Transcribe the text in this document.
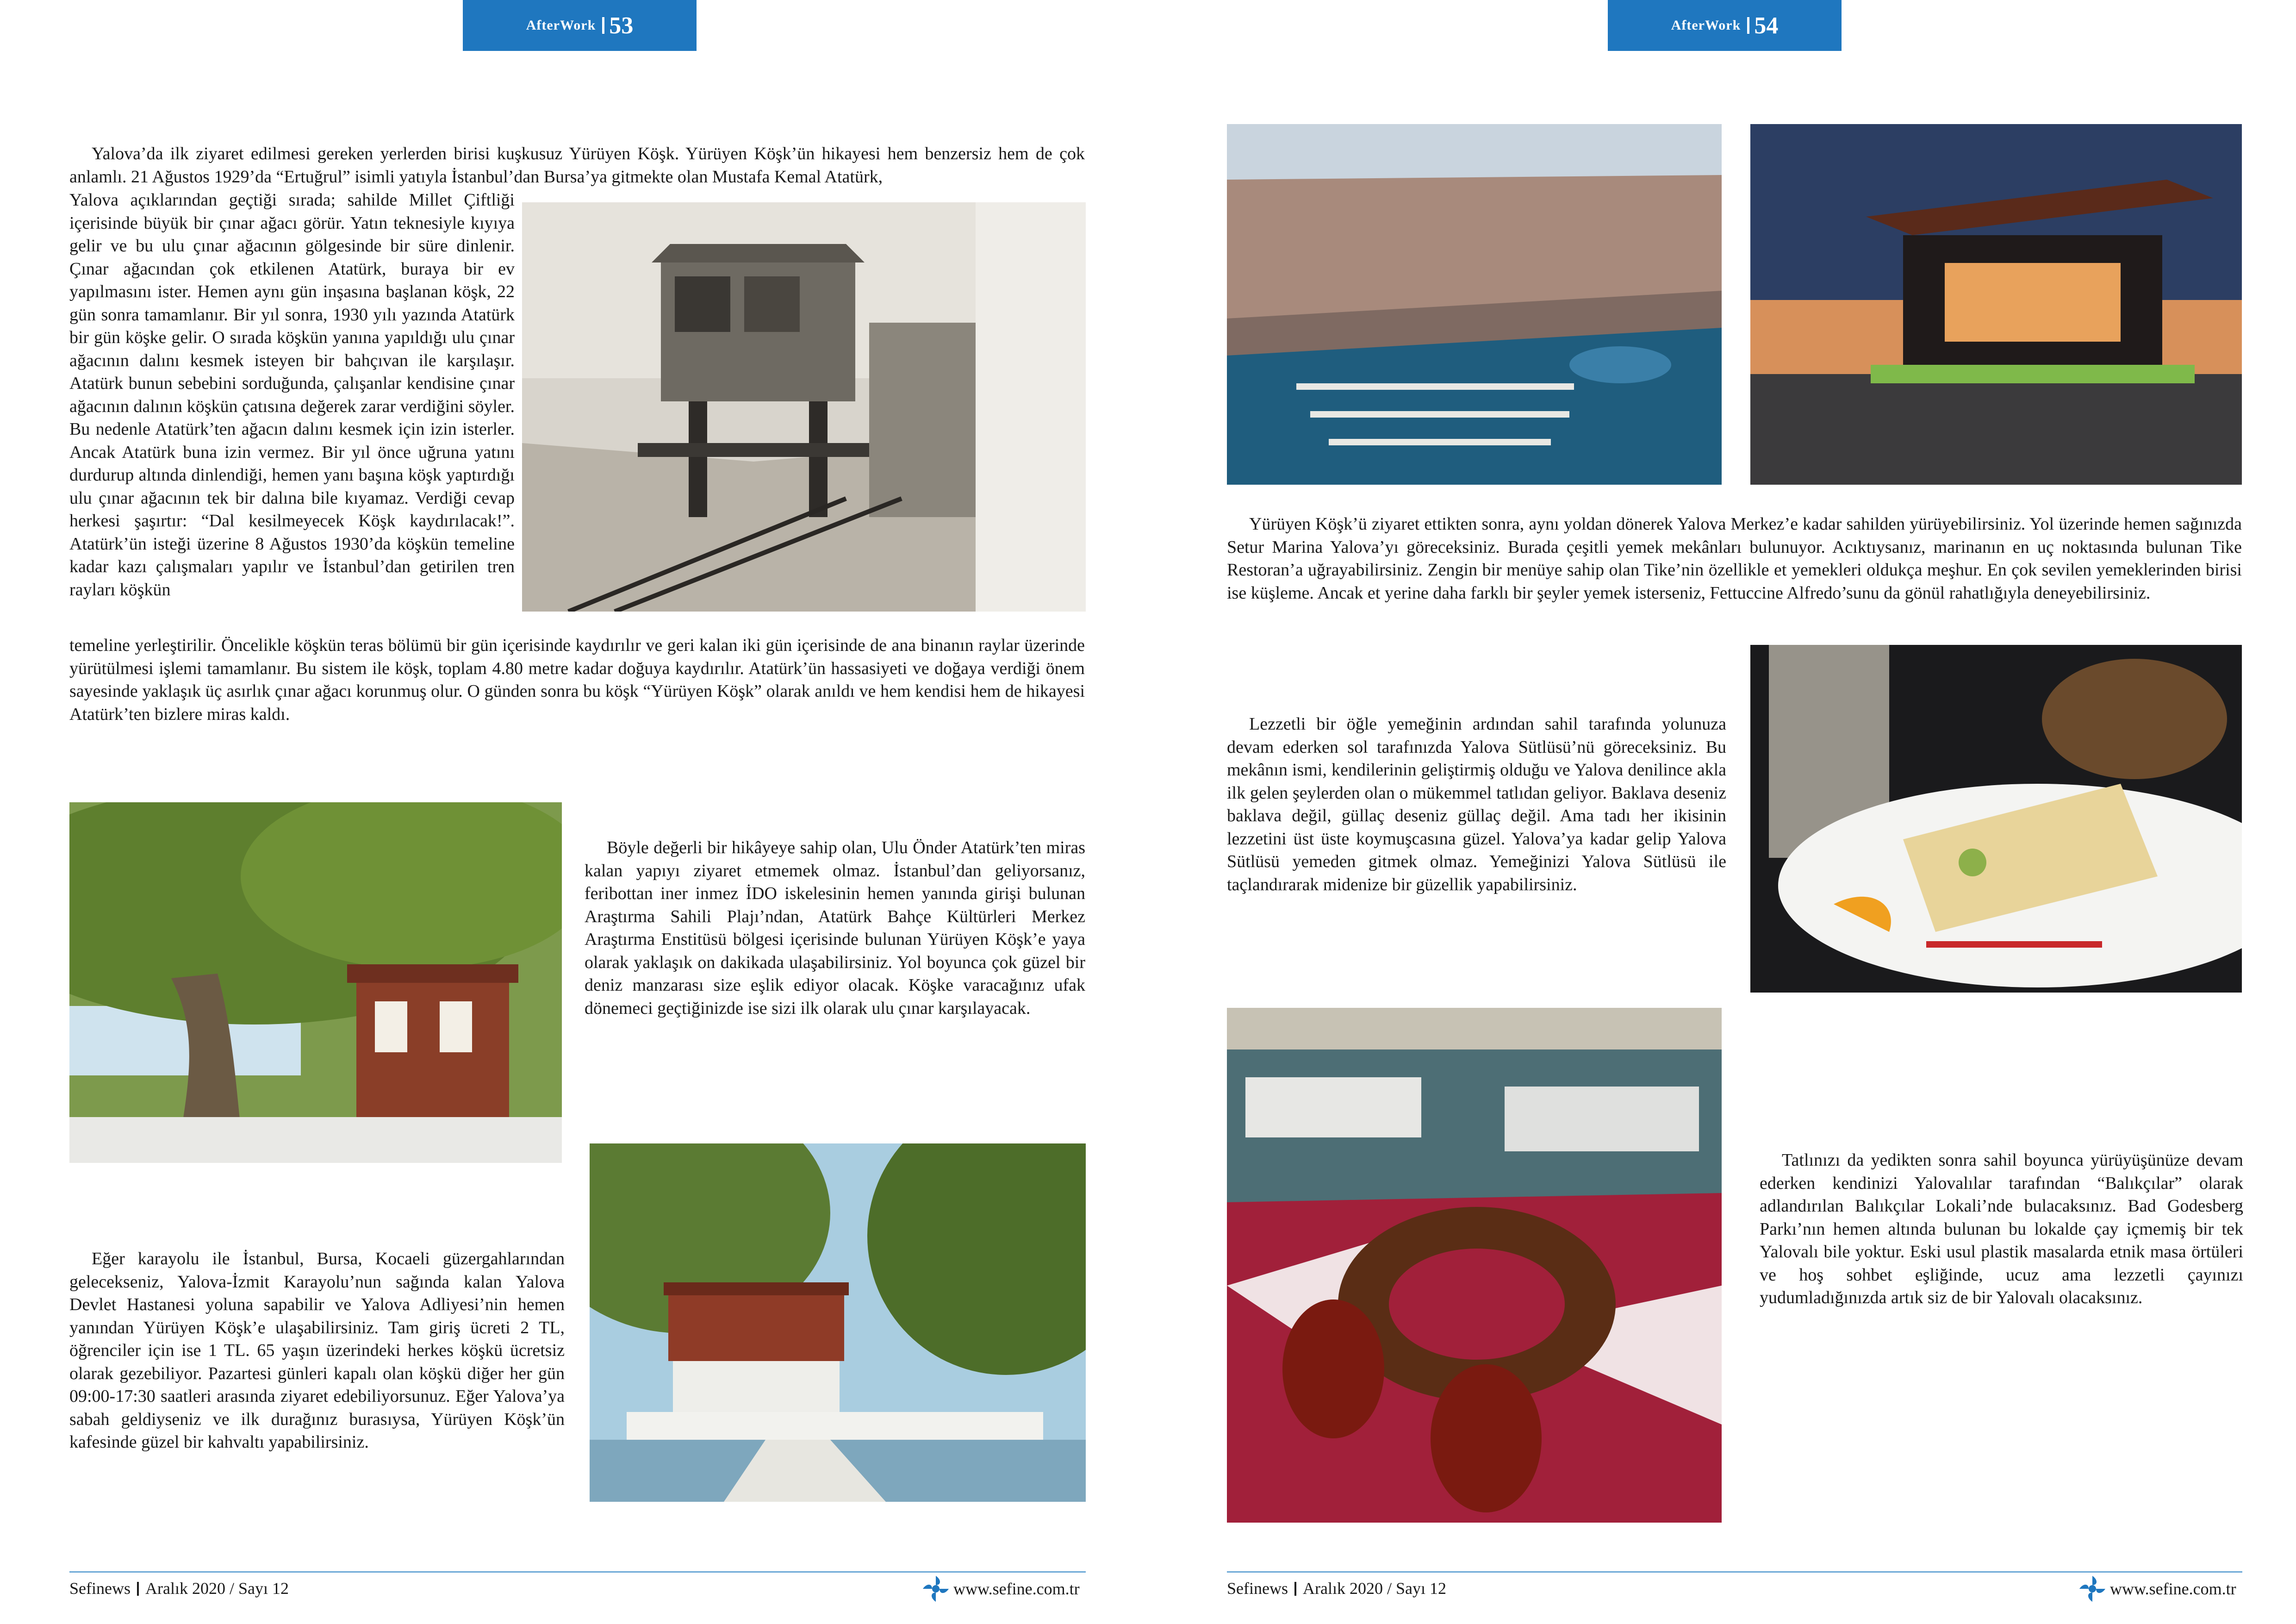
AfterWork 53

Yalova’da ilk ziyaret edilmesi gereken yerlerden birisi kuşkusuz Yürüyen Köşk. Yürüyen Köşk’ün hikayesi hem benzersiz hem de çok anlamlı. 21 Ağustos 1929’da “Ertuğrul” isimli yatıyla İstanbul’dan Bursa’ya gitmekte olan Mustafa Kemal Atatürk,

Yalova açıklarından geçtiği sırada; sahilde Millet Çiftliği içerisinde büyük bir çınar ağacı görür. Yatın teknesiyle kıyıya gelir ve bu ulu çınar ağacının gölgesinde bir süre dinlenir. Çınar ağacından çok etkilenen Atatürk, buraya bir ev yapılmasını ister. Hemen aynı gün inşasına başlanan köşk, 22 gün sonra tamamlanır. Bir yıl sonra, 1930 yılı yazında Atatürk bir gün köşke gelir. O sırada köşkün yanına yapıldığı ulu çınar ağacının dalını kesmek isteyen bir bahçıvan ile karşılaşır. Atatürk bunun sebebini sorduğunda, çalışanlar kendisine çınar ağacının dalının köşkün çatısına değerek zarar verdiğini söyler. Bu nedenle Atatürk’ten ağacın dalını kesmek için izin isterler. Ancak Atatürk buna izin vermez. Bir yıl önce uğruna yatını durdurup altında dinlendiği, hemen yanı başına köşk yaptırdığı ulu çınar ağacının tek bir dalına bile kıyamaz. Verdiği cevap herkesi şaşırtır: “Dal kesilmeyecek Köşk kaydırılacak!”. Atatürk’ün isteği üzerine 8 Ağustos 1930’da köşkün temeline kadar kazı çalışmaları yapılır ve İstanbul’dan getirilen tren rayları köşkün

temeline yerleştirilir. Öncelikle köşkün teras bölümü bir gün içerisinde kaydırılır ve geri kalan iki gün içerisinde de ana binanın raylar üzerinde yürütülmesi işlemi tamamlanır. Bu sistem ile köşk, toplam 4.80 metre kadar doğuya kaydırılır. Atatürk’ün hassasiyeti ve doğaya verdiği önem sayesinde yaklaşık üç asırlık çınar ağacı korunmuş olur. O günden sonra bu köşk “Yürüyen Köşk” olarak anıldı ve hem kendisi hem de hikayesi Atatürk’ten bizlere miras kaldı.

Böyle değerli bir hikâyeye sahip olan, Ulu Önder Atatürk’ten miras kalan yapıyı ziyaret etmemek olmaz. İstanbul’dan geliyorsanız, feribottan iner inmez İDO iskelesinin hemen yanında girişi bulunan Araştırma Sahili Plajı’ndan, Atatürk Bahçe Kültürleri Merkez Araştırma Enstitüsü bölgesi içerisinde bulunan Yürüyen Köşk’e yaya olarak yaklaşık on dakikada ulaşabilirsiniz. Yol boyunca çok güzel bir deniz manzarası size eşlik ediyor olacak. Köşke varacağınız ufak dönemeci geçtiğinizde ise sizi ilk olarak ulu çınar karşılayacak.

Eğer karayolu ile İstanbul, Bursa, Kocaeli güzergahlarından gelecekseniz, Yalova-İzmit Karayolu’nun sağında kalan Yalova Devlet Hastanesi yoluna sapabilir ve Yalova Adliyesi’nin hemen yanından Yürüyen Köşk’e ulaşabilirsiniz. Tam giriş ücreti 2 TL, öğrenciler için ise 1 TL. 65 yaşın üzerindeki herkes köşkü ücretsiz olarak gezebiliyor. Pazartesi günleri kapalı olan köşkü diğer her gün 09:00-17:30 saatleri arasında ziyaret edebiliyorsunuz. Eğer Yalova’ya sabah geldiyseniz ve ilk durağınız burasıysa, Yürüyen Köşk’ün kafesinde güzel bir kahvaltı yapabilirsiniz.

Sefinews Aralık 2020 / Sayı 12	www.sefine.com.tr
AfterWork 54

Yürüyen Köşk’ü ziyaret ettikten sonra, aynı yoldan dönerek Yalova Merkez’e kadar sahilden yürüyebilirsiniz. Yol üzerinde hemen sağınızda Setur Marina Yalova’yı göreceksiniz. Burada çeşitli yemek mekânları bulunuyor. Acıktıysanız, marinanın en uç noktasında bulunan Tike Restoran’a uğrayabilirsiniz. Zengin bir menüye sahip olan Tike’nin özellikle et yemekleri oldukça meşhur. En çok sevilen yemeklerinden birisi ise küşleme. Ancak et yerine daha farklı bir şeyler yemek isterseniz, Fettuccine Alfredo’sunu da gönül rahatlığıyla deneyebilirsiniz.

Lezzetli bir öğle yemeğinin ardından sahil tarafında yolunuza devam ederken sol tarafınızda Yalova Sütlüsü’nü göreceksiniz. Bu mekânın ismi, kendilerinin geliştirmiş olduğu ve Yalova denilince akla ilk gelen şeylerden olan o mükemmel tatlıdan geliyor. Baklava deseniz baklava değil, güllaç deseniz güllaç değil. Ama tadı her ikisinin lezzetini üst üste koymuşcasına güzel. Yalova’ya kadar gelip Yalova Sütlüsü yemeden gitmek olmaz. Yemeğinizi Yalova Sütlüsü ile taçlandırarak midenize bir güzellik yapabilirsiniz.

Tatlınızı da yedikten sonra sahil boyunca yürüyüşünüze devam ederken kendinizi Yalovalılar tarafından “Balıkçılar” olarak adlandırılan Balıkçılar Lokali’nde bulacaksınız. Bad Godesberg Parkı’nın hemen altında bulunan bu lokalde çay içmemiş bir tek Yalovalı bile yoktur. Eski usul plastik masalarda etnik masa örtüleri ve hoş sohbet eşliğinde, ucuz ama lezzetli çayınızı yudumladığınızda artık siz de bir Yalovalı olacaksınız.

Sefinews Aralık 2020 / Sayı 12	www.sefine.com.tr
